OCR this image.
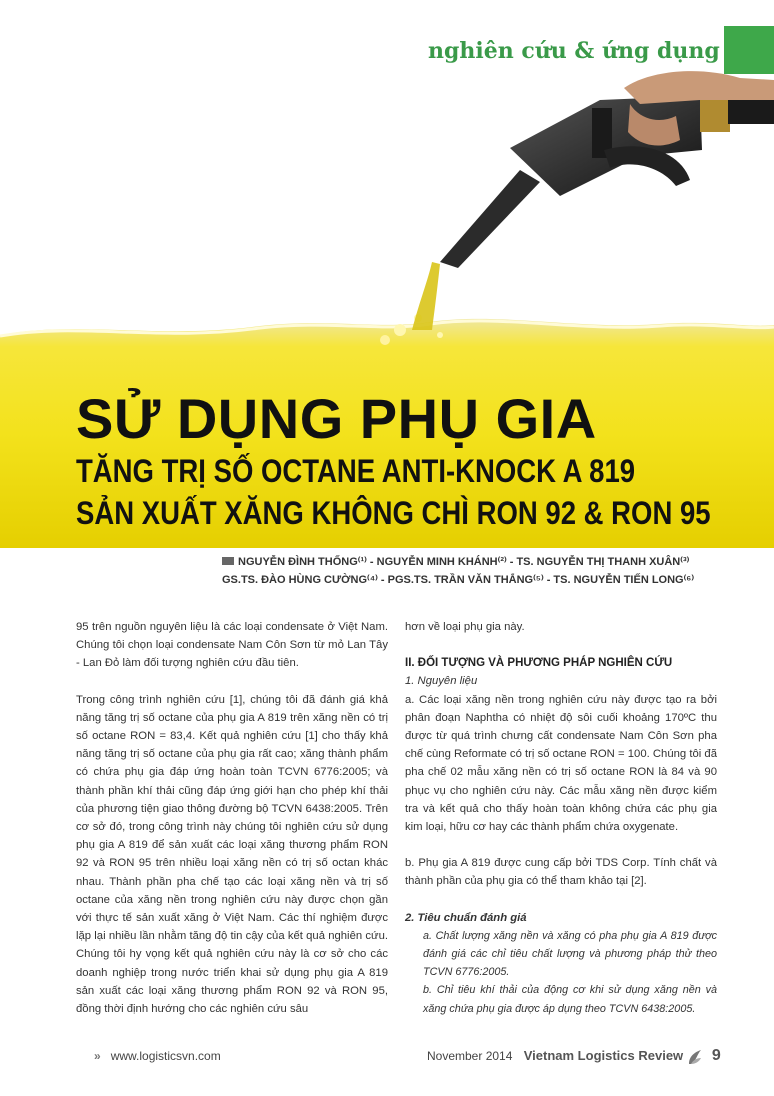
nghiên cứu & ứng dụng
SỬ DỤNG PHỤ GIA
TĂNG TRỊ SỐ OCTANE ANTI-KNOCK A 819
SẢN XUẤT XĂNG KHÔNG CHÌ RON 92 & RON 95
NGUYỄN ĐÌNH THỐNG⁽¹⁾ - NGUYỄN MINH KHÁNH⁽²⁾ - TS. NGUYỄN THỊ THANH XUÂN⁽³⁾
GS.TS. ĐÀO HÙNG CƯỜNG⁽⁴⁾ - PGS.TS. TRẦN VĂN THẮNG⁽⁵⁾ - TS. NGUYỄN TIẾN LONG⁽⁶⁾

95 trên nguồn nguyên liệu là các loại condensate ở Việt Nam. Chúng tôi chọn loại condensate Nam Côn Sơn từ mỏ Lan Tây - Lan Đỏ làm đối tượng nghiên cứu đầu tiên.

Trong công trình nghiên cứu [1], chúng tôi đã đánh giá khả năng tăng trị số octane của phụ gia A 819 trên xăng nền có trị số octane RON = 83,4. Kết quả nghiên cứu [1] cho thấy khả năng tăng trị số octane của phụ gia rất cao; xăng thành phẩm có chứa phụ gia đáp ứng hoàn toàn TCVN 6776:2005; và thành phần khí thải cũng đáp ứng giới hạn cho phép khí thải của phương tiện giao thông đường bộ TCVN 6438:2005. Trên cơ sở đó, trong công trình này chúng tôi nghiên cứu sử dụng phụ gia A 819 để sản xuất các loại xăng thương phẩm RON 92 và RON 95 trên nhiều loại xăng nền có trị số octan khác nhau. Thành phần pha chế tạo các loại xăng nền và trị số octane của xăng nền trong nghiên cứu này được chọn gần với thực tế sản xuất xăng ở Việt Nam. Các thí nghiệm được lặp lại nhiều lần nhằm tăng độ tin cậy của kết quả nghiên cứu. Chúng tôi hy vọng kết quả nghiên cứu này là cơ sở cho các doanh nghiệp trong nước triển khai sử dụng phụ gia A 819 sản xuất các loại xăng thương phẩm RON 92 và RON 95, đồng thời định hướng cho các nghiên cứu sâu

hơn về loại phụ gia này.

II. ĐỐI TƯỢNG VÀ PHƯƠNG PHÁP NGHIÊN CỨU
1. Nguyên liệu

a. Các loại xăng nền trong nghiên cứu này được tạo ra bởi phân đoạn Naphtha có nhiệt độ sôi cuối khoảng 170ºC thu được từ quá trình chưng cất condensate Nam Côn Sơn pha chế cùng Reformate có trị số octane RON = 100. Chúng tôi đã pha chế 02 mẫu xăng nền có trị số octane RON là 84 và 90 phục vụ cho nghiên cứu này. Các mẫu xăng nền được kiểm tra và kết quả cho thấy hoàn toàn không chứa các phụ gia kim loại, hữu cơ hay các thành phẩm chứa oxygenate.

b. Phụ gia A 819 được cung cấp bởi TDS Corp. Tính chất và thành phần của phụ gia có thể tham khảo tại [2].

2. Tiêu chuẩn đánh giá
a. Chất lượng xăng nền và xăng có pha phụ gia A 819 được đánh giá các chỉ tiêu chất lượng và phương pháp thử theo TCVN 6776:2005.
b. Chỉ tiêu khí thải của động cơ khi sử dụng xăng nền và xăng chứa phụ gia được áp dụng theo TCVN 6438:2005.
» www.logisticsvn.com	November 2014 Vietnam Logistics Review 9
